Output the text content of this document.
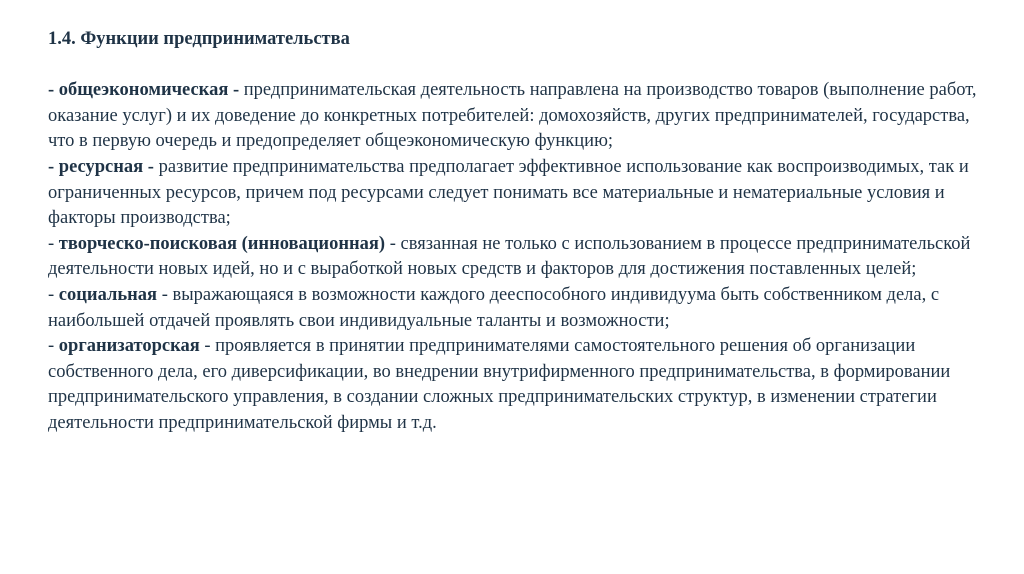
1.4. Функции предпринимательства

- общеэкономическая - предпринимательская деятельность направлена на производство товаров (выполнение работ, оказание услуг) и их доведение до конкретных потребителей: домохозяйств, других предпринимателей, государства, что в первую очередь и предопределяет общеэкономическую функцию;

- ресурсная - развитие предпринимательства предполагает эффективное использование как воспроизводимых, так и ограниченных ресурсов, причем под ресурсами следует понимать все материальные и нематериальные условия и факторы производства;

- творческо-поисковая (инновационная) - связанная не только с использованием в процессе предпринимательской деятельности новых идей, но и с выработкой новых средств и факторов для достижения поставленных целей;

- социальная - выражающаяся в возможности каждого дееспособного индивидуума быть собственником дела, с наибольшей отдачей проявлять свои индивидуальные таланты и возможности;

- организаторская - проявляется в принятии предпринимателями самостоятельного решения об организации собственного дела, его диверсификации, во внедрении внутрифирменного предпринимательства, в формировании предпринимательского управления, в создании сложных предпринимательских структур, в изменении стратегии деятельности предпринимательской фирмы и т.д.
